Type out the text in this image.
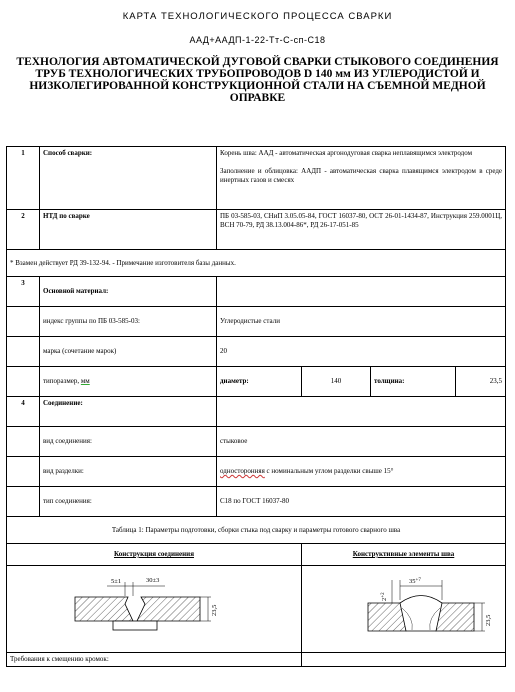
КАРТА ТЕХНОЛОГИЧЕСКОГО ПРОЦЕССА СВАРКИ
ААД+ААДП-1-22-Тт-С-сп-С18
ТЕХНОЛОГИЯ АВТОМАТИЧЕСКОЙ ДУГОВОЙ СВАРКИ СТЫКОВОГО СОЕДИНЕНИЯ ТРУБ ТЕХНОЛОГИЧЕСКИХ ТРУБОПРОВОДОВ D 140 мм ИЗ УГЛЕРОДИСТОЙ И НИЗКОЛЕГИРОВАННОЙ КОНСТРУКЦИОННОЙ СТАЛИ НА СЪЕМНОЙ МЕДНОЙ ОПРАВКЕ
1	Способ сварки:	Корень шва: ААД - автоматическая аргонодуговая сварка неплавящимся электродом
Заполнение и облицовка: ААДП - автоматическая сварка плавящимся электродом в среде инертных газов и смесях			

2	НТД по сварке	ПБ 03-585-03, СНиП 3.05.05-84, ГОСТ 16037-80, ОСТ 26-01-1434-87, Инструкция 259.0001Ц, ВСН 70-79, РД 38.13.004-86*, РД 26-17-051-85			
* Взамен действует РД 39-132-94. - Примечание изготовителя базы данных.					
3	Основной материал:				
	индекс группы по ПБ 03-585-03:	Углеродистые стали			
	марка (сочетание марок)	20			
	типоразмер, мм	диаметр:	140	толщина:	23,5
4	Соединение:				
	вид соединения:	стыковое			
	вид разделки:	односторонняя с номинальным углом разделки свыше 15°			
	тип соединения:	С18 по ГОСТ 16037-80			
Таблица 1: Параметры подготовки, сборки стыка под сварку и параметры готового сварного шва					
Конструкция соединения			Конструктивные элементы шва		

5±1 30±3
23,5			$35^{+7}$
$2^{+2}$
23,5		

Требования к смещению кромок:					
